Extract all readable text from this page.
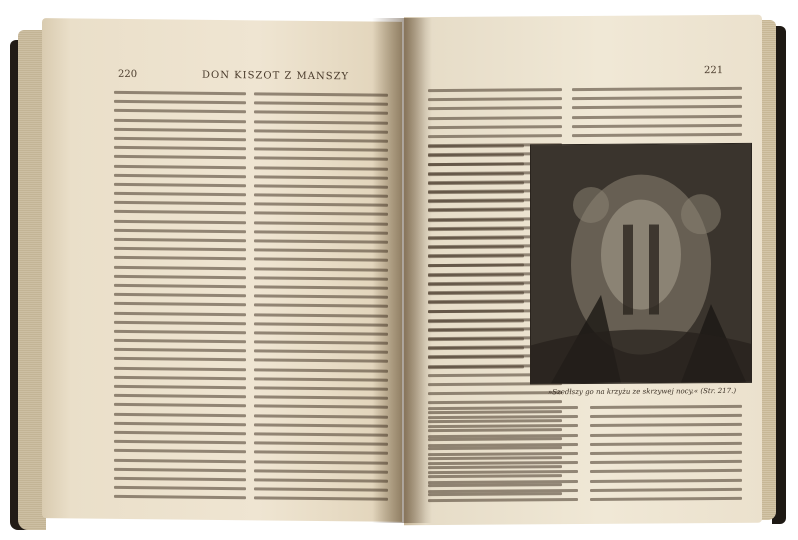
220	DON KISZOT Z MANSZY	221
»Szedłszy go na krzyżu ze skrzywej nocy.« (Str. 217.)
